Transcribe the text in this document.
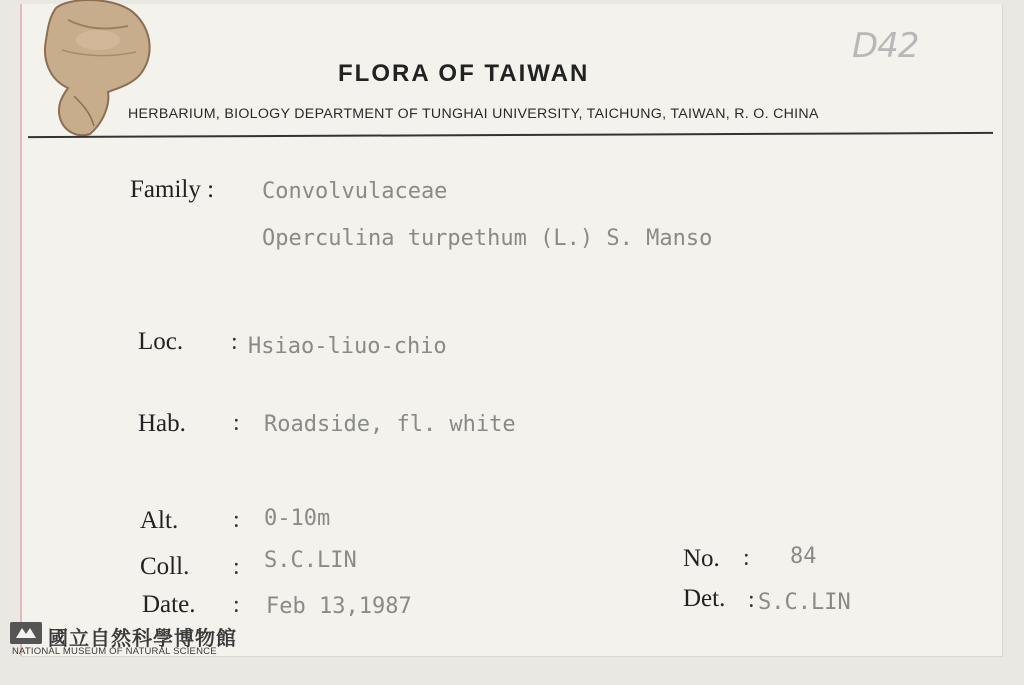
D42
FLORA OF TAIWAN
HERBARIUM, BIOLOGY DEPARTMENT OF TUNGHAI UNIVERSITY, TAICHUNG, TAIWAN, R. O. CHINA
Family : Convolvulaceae
Operculina turpethum (L.) S. Manso
Loc. : Hsiao-liuo-chio
Hab. : Roadside, fl. white
Alt. : 0-10m
Coll. : S.C.LIN
Date. : Feb 13,1987
No. : 84
Det. : S.C.LIN
國立自然科學博物館
NATIONAL MUSEUM OF NATURAL SCIENCE
